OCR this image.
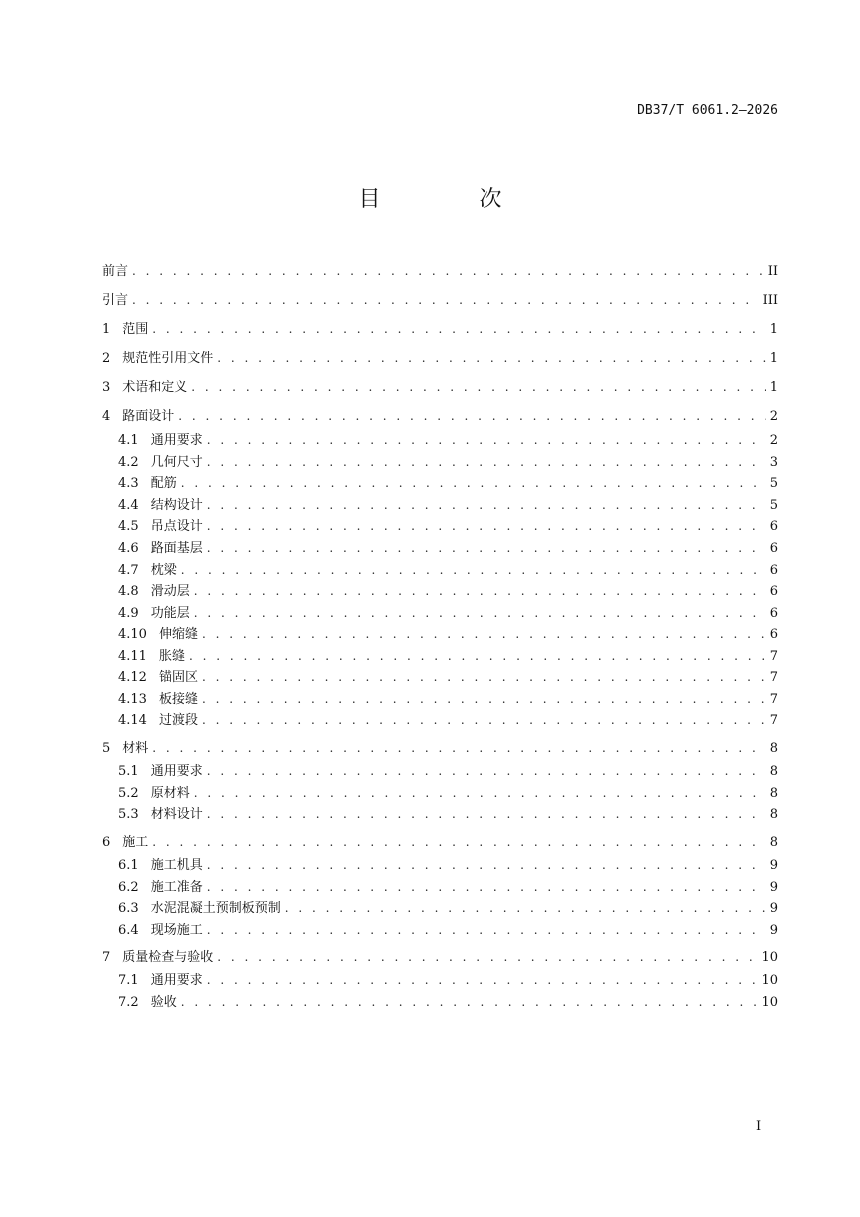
DB37/T 6061.2—2026
目 次
前言 . . .	II
引言 . . .	III
1 范围 . . .	1
2 规范性引用文件 . . .	1
3 术语和定义 . . .	1
4 路面设计 . . .	2
4.1 通用要求 . . .	2
4.2 几何尺寸 . . .	3
4.3 配筋 . . .	5
4.4 结构设计 . . .	5
4.5 吊点设计 . . .	6
4.6 路面基层 . . .	6
4.7 枕梁 . . .	6
4.8 滑动层 . . .	6
4.9 功能层 . . .	6
4.10 伸缩缝 . . .	6
4.11 胀缝 . . .	7
4.12 锚固区 . . .	7
4.13 板接缝 . . .	7
4.14 过渡段 . . .	7
5 材料 . . .	8
5.1 通用要求 . . .	8
5.2 原材料 . . .	8
5.3 材料设计 . . .	8
6 施工 . . .	8
6.1 施工机具 . . .	9
6.2 施工准备 . . .	9
6.3 水泥混凝土预制板预制 . . .	9
6.4 现场施工 . . .	9
7 质量检查与验收 . . .	10
7.1 通用要求 . . .	10
7.2 验收 . . .	10
I
